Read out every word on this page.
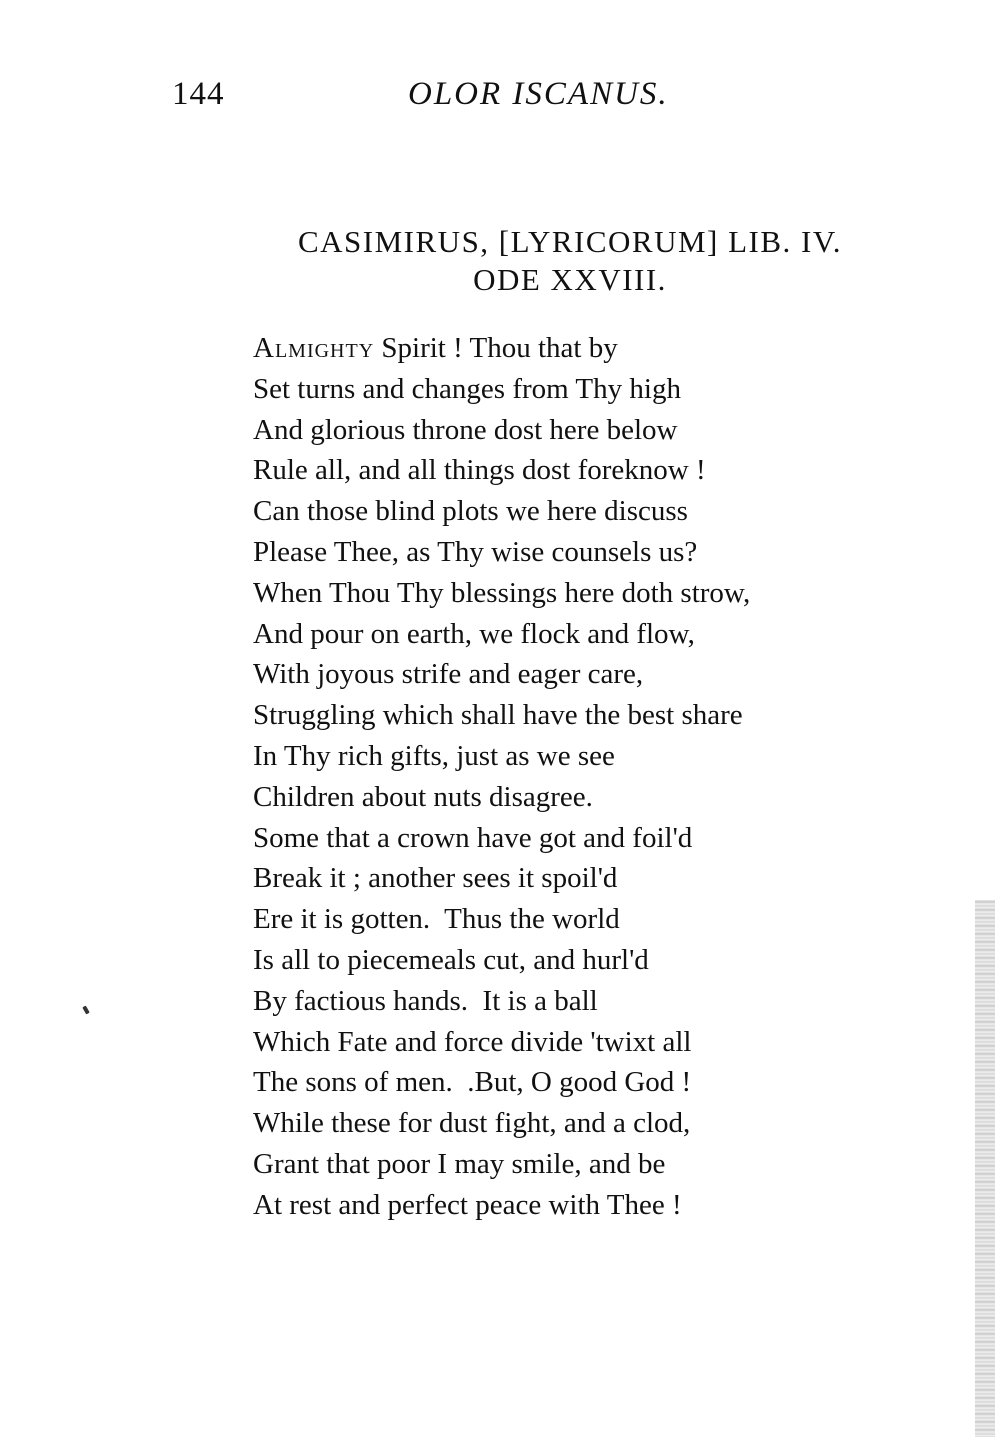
144	OLOR ISCANUS.
CASIMIRUS, [LYRICORUM] LIB. IV.
ODE XXVIII.
Almighty Spirit ! Thou that by
Set turns and changes from Thy high
And glorious throne dost here below
Rule all, and all things dost foreknow !
Can those blind plots we here discuss
Please Thee, as Thy wise counsels us?
When Thou Thy blessings here doth strow,
And pour on earth, we flock and flow,
With joyous strife and eager care,
Struggling which shall have the best share
In Thy rich gifts, just as we see
Children about nuts disagree.
Some that a crown have got and foil'd
Break it ; another sees it spoil'd
Ere it is gotten.  Thus the world
Is all to piecemeals cut, and hurl'd
By factious hands.  It is a ball
Which Fate and force divide 'twixt all
The sons of men.  .But, O good God !
While these for dust fight, and a clod,
Grant that poor I may smile, and be
At rest and perfect peace with Thee !
